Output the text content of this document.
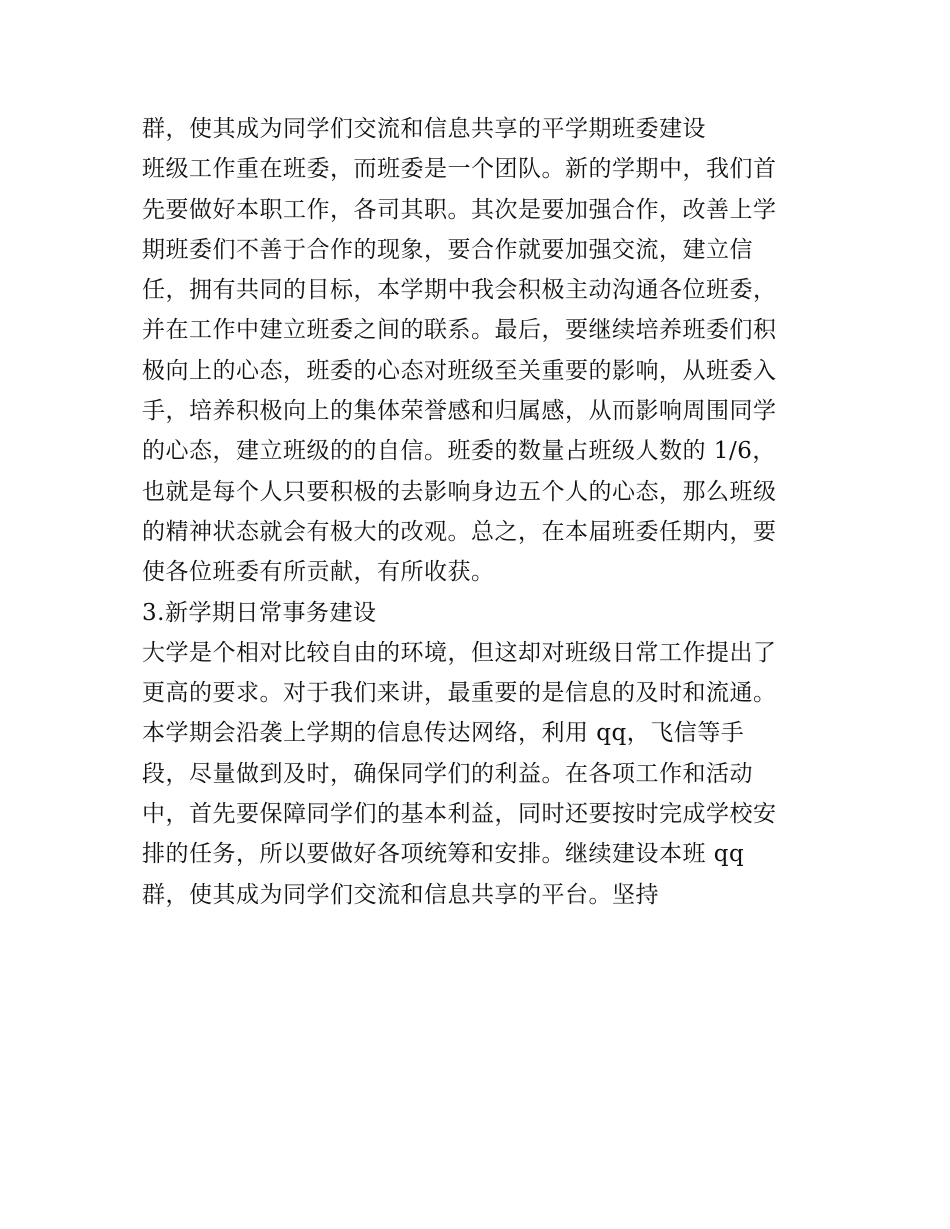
群，使其成为同学们交流和信息共享的平学期班委建设
班级工作重在班委，而班委是一个团队。新的学期中，我们首
先要做好本职工作，各司其职。其次是要加强合作，改善上学
期班委们不善于合作的现象，要合作就要加强交流，建立信
任，拥有共同的目标，本学期中我会积极主动沟通各位班委，
并在工作中建立班委之间的联系。最后，要继续培养班委们积
极向上的心态，班委的心态对班级至关重要的影响，从班委入
手，培养积极向上的集体荣誉感和归属感，从而影响周围同学
的心态，建立班级的的自信。班委的数量占班级人数的 1/6，
也就是每个人只要积极的去影响身边五个人的心态，那么班级
的精神状态就会有极大的改观。总之，在本届班委任期内，要
使各位班委有所贡献，有所收获。
3.新学期日常事务建设
大学是个相对比较自由的环境，但这却对班级日常工作提出了
更高的要求。对于我们来讲，最重要的是信息的及时和流通。
本学期会沿袭上学期的信息传达网络，利用 qq，飞信等手
段，尽量做到及时，确保同学们的利益。在各项工作和活动
中，首先要保障同学们的基本利益，同时还要按时完成学校安
排的任务，所以要做好各项统筹和安排。继续建设本班 qq
群，使其成为同学们交流和信息共享的平台。坚持
